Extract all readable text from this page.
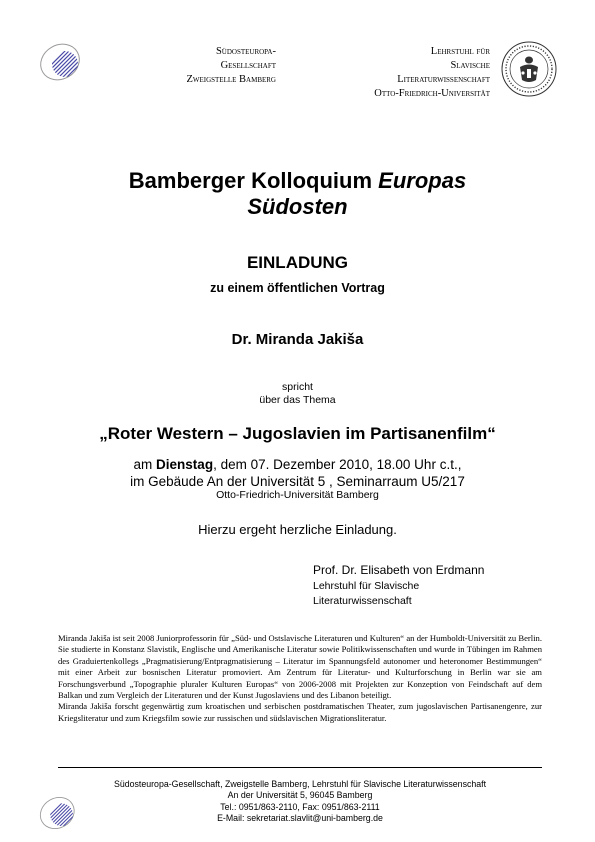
Südosteuropa-
Gesellschaft
Zweigstelle Bamberg
Lehrstuhl für
Slavische
Literaturwissenschaft
Otto-Friedrich-Universität
Bamberger Kolloquium Europas
Südosten
EINLADUNG
zu einem öffentlichen Vortrag
Dr. Miranda Jakiša
spricht
über das Thema
„Roter Western – Jugoslavien im Partisanenfilm“
am Dienstag, dem 07. Dezember 2010, 18.00 Uhr c.t.,
im Gebäude An der Universität 5 , Seminarraum U5/217
Otto-Friedrich-Universität Bamberg
Hierzu ergeht herzliche Einladung.
Prof. Dr. Elisabeth von Erdmann
Lehrstuhl für Slavische
Literaturwissenschaft

Miranda Jakiša ist seit 2008 Juniorprofessorin für „Süd- und Ostslavische Literaturen und Kulturen“ an der Humboldt-Universität zu Berlin. Sie studierte in Konstanz Slavistik, Englische und Amerikanische Literatur sowie Politikwissenschaften und wurde in Tübingen im Rahmen des Graduiertenkollegs „Pragmatisierung/Entpragmatisierung – Literatur im Spannungsfeld autonomer und heteronomer Bestimmungen“ mit einer Arbeit zur bosnischen Literatur promoviert. Am Zentrum für Literatur- und Kulturforschung in Berlin war sie am Forschungsverbund „Topographie pluraler Kulturen Europas“ von 2006-2008 mit Projekten zur Konzeption von Feindschaft auf dem Balkan und zum Vergleich der Literaturen und der Kunst Jugoslaviens und des Libanon beteiligt.

Miranda Jakiša forscht gegenwärtig zum kroatischen und serbischen postdramatischen Theater, zum jugoslavischen Partisanengenre, zur Kriegsliteratur und zum Kriegsfilm sowie zur russischen und südslavischen Migrationsliteratur.

Südosteuropa-Gesellschaft, Zweigstelle Bamberg, Lehrstuhl für Slavische Literaturwissenschaft
An der Universität 5, 96045 Bamberg
Tel.: 0951/863-2110, Fax: 0951/863-2111
E-Mail: sekretariat.slavlit@uni-bamberg.de
